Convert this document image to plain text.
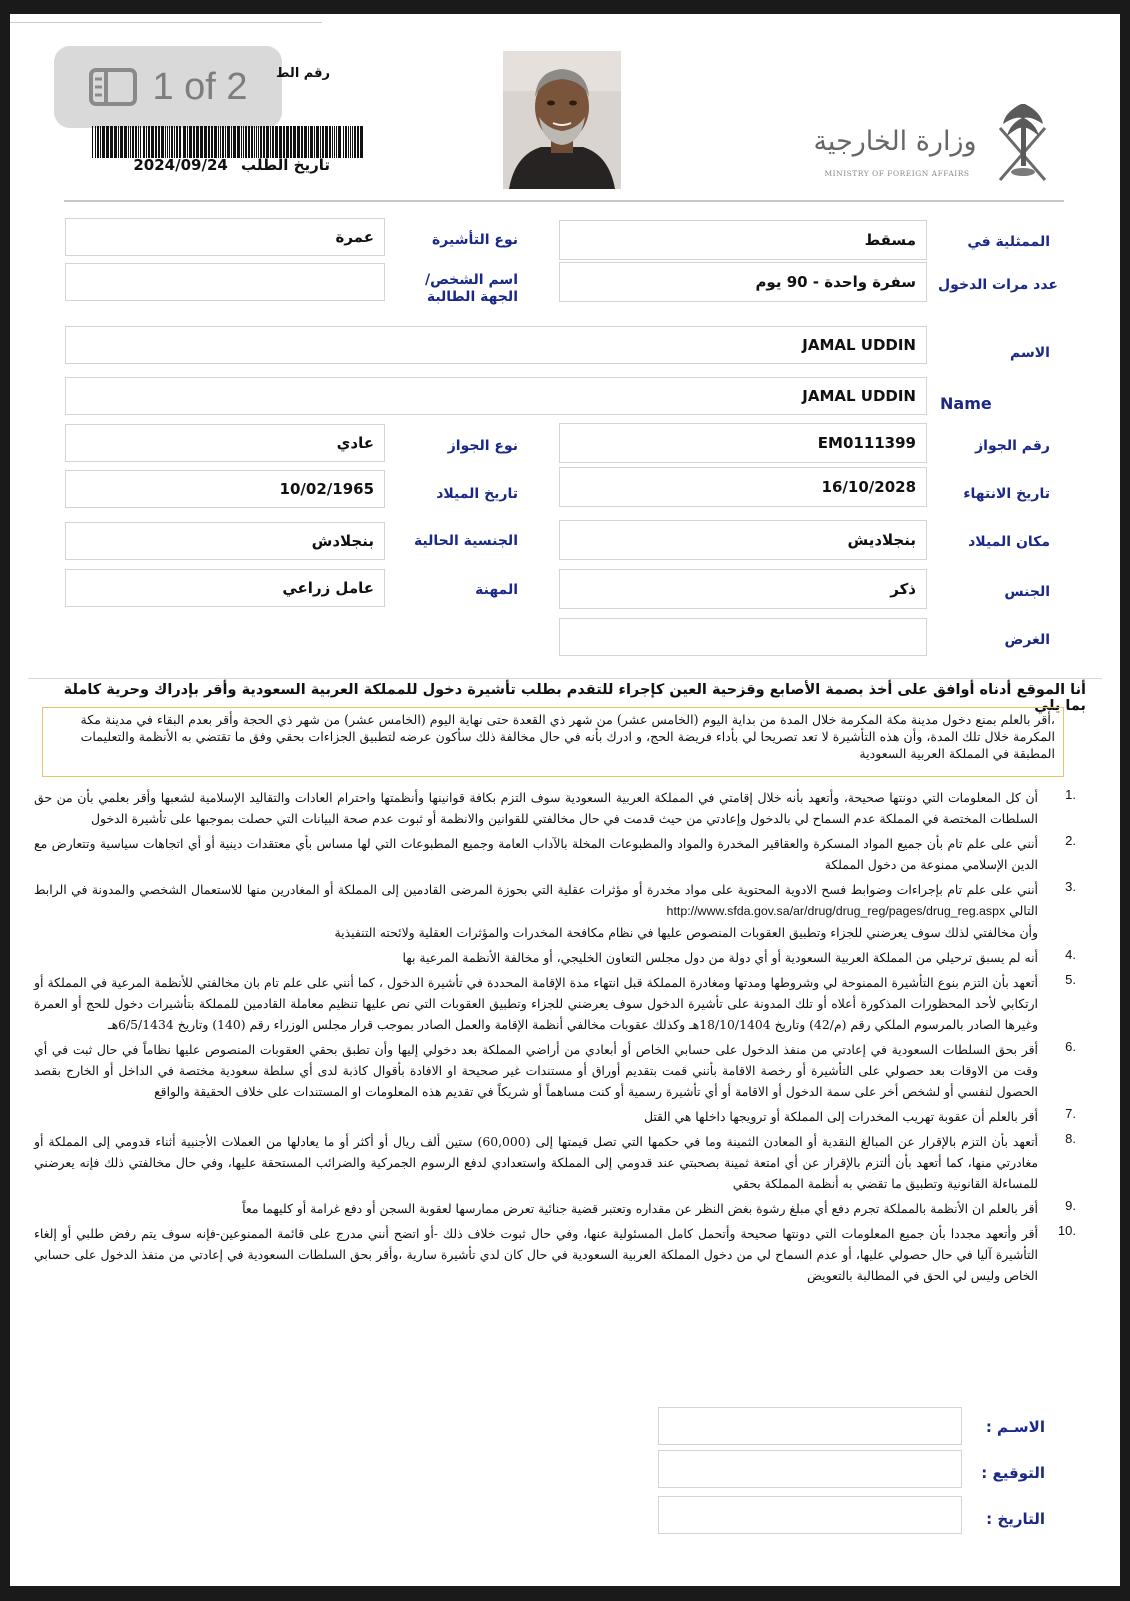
1 of 2	رقم الط
تاريخ الطلب 2024/09/24
وزارة الخارجية
MINISTRY OF FOREIGN AFFAIRS
الممثلية في
مسقط
نوع التأشيرة
عمرة
عدد مرات الدخول
سفرة واحدة - 90 يوم
اسم الشخص/الجهة الطالبة
الاسم
JAMAL UDDIN
Name
JAMAL UDDIN
رقم الجواز
EM0111399
نوع الجواز
عادي
تاريخ الانتهاء
16/10/2028
تاريخ الميلاد
10/02/1965
مكان الميلاد
بنجلاديش
الجنسية الحالية
بنجلادش
الجنس
ذكر
المهنة
عامل زراعي
الغرض
أنا الموقع أدناه أوافق على أخذ بصمة الأصابع وقزحية العين كإجراء للتقدم بطلب تأشيرة دخول للمملكة العربية السعودية وأقر بإدراك وحرية كاملة بما يلي
،أقر بالعلم بمنع دخول مدينة مكة المكرمة خلال المدة من بداية اليوم (الخامس عشر) من شهر ذي القعدة حتى نهاية اليوم (الخامس عشر) من شهر ذي الحجة وأقر بعدم البقاء في مدينة مكة المكرمة خلال تلك المدة، وأن هذه التأشيرة لا تعد تصريحا لي بأداء فريضة الحج، و ادرك بأنه في حال مخالفة ذلك سأكون عرضه لتطبيق الجزاءات بحقي وفق ما تقتضي به الأنظمة والتعليمات المطبقة في المملكة العربية السعودية
1.
أن كل المعلومات التي دونتها صحيحة، وأتعهد بأنه خلال إقامتي في المملكة العربية السعودية سوف التزم بكافة قوانينها وأنظمتها واحترام العادات والتقاليد الإسلامية لشعبها وأقر بعلمي بأن من حق السلطات المختصة في المملكة عدم السماح لي بالدخول وإعادتي من حيث قدمت في حال مخالفتي للقوانين والانظمة أو ثبوت عدم صحة البيانات التي حصلت بموجبها على تأشيرة الدخول
2.
أنني على علم تام بأن جميع المواد المسكرة والعقاقير المخدرة والمواد والمطبوعات المخلة بالآداب العامة وجميع المطبوعات التي لها مساس بأي معتقدات دينية أو أي اتجاهات سياسية وتتعارض مع الدين الإسلامي ممنوعة من دخول المملكة
3.
أنني على علم تام بإجراءات وضوابط فسح الادوية المحتوية على مواد مخدرة أو مؤثرات عقلية التي بحوزة المرضى القادمين إلى المملكة أو المغادرين منها للاستعمال الشخصي والمدونة في الرابط التالي http://www.sfda.gov.sa/ar/drug/drug_reg/pages/drug_reg.aspx
وأن مخالفتي لذلك سوف يعرضني للجزاء وتطبيق العقوبات المنصوص عليها في نظام مكافحة المخدرات والمؤثرات العقلية ولائحته التنفيذية
4.
أنه لم يسبق ترحيلي من المملكة العربية السعودية أو أي دولة من دول مجلس التعاون الخليجي، أو مخالفة الأنظمة المرعية بها
5.
أتعهد بأن التزم بنوع التأشيرة الممنوحة لي وشروطها ومدتها ومغادرة المملكة قبل انتهاء مدة الإقامة المحددة في تأشيرة الدخول ، كما أنني على علم تام بان مخالفتي للأنظمة المرعية في المملكة أو ارتكابي لأحد المحظورات المذكورة أعلاه أو تلك المدونة على تأشيرة الدخول سوف يعرضني للجزاء وتطبيق العقوبات التي نص عليها تنظيم معاملة القادمين للمملكة بتأشيرات دخول للحج أو العمرة وغيرها الصادر بالمرسوم الملكي رقم (م/42) وتاريخ 18/10/1404هـ وكذلك عقوبات مخالفي أنظمة الإقامة والعمل الصادر بموجب قرار مجلس الوزراء رقم (140) وتاريخ 6/5/1434هـ
6.
أقر بحق السلطات السعودية في إعادتي من منفذ الدخول على حسابي الخاص أو أبعادي من أراضي المملكة بعد دخولي إليها وأن تطبق بحقي العقوبات المنصوص عليها نظاماً في حال ثبت في أي وقت من الاوقات بعد حصولي على التأشيرة أو رخصة الاقامة بأنني قمت بتقديم أوراق أو مستندات غير صحيحة او الافادة بأقوال كاذبة لدى أي سلطة سعودية مختصة في الداخل أو الخارج بقصد الحصول لنفسي أو لشخص أخر على سمة الدخول أو الاقامة أو أي تأشيرة رسمية أو كنت مساهماً أو شريكاً في تقديم هذه المعلومات او المستندات على خلاف الحقيقة والواقع
7.
أقر بالعلم أن عقوبة تهريب المخدرات إلى المملكة أو ترويجها داخلها هي القتل
8.
أتعهد بأن التزم بالإقرار عن المبالغ النقدية أو المعادن الثمينة وما في حكمها التي تصل قيمتها إلى (60,000) ستين ألف ريال أو أكثر أو ما يعادلها من العملات الأجنبية أثناء قدومي إلى المملكة أو مغادرتي منها، كما أتعهد بأن ألتزم بالإقرار عن أي امتعة ثمينة بصحبتي عند قدومي إلى المملكة واستعدادي لدفع الرسوم الجمركية والضرائب المستحقة عليها، وفي حال مخالفتي ذلك فإنه يعرضني للمساءلة القانونية وتطبيق ما تقضي به أنظمة المملكة بحقي
9.
أقر بالعلم ان الأنظمة بالمملكة تجرم دفع أي مبلغ رشوة بغض النظر عن مقداره وتعتبر قضية جنائية تعرض ممارسها لعقوبة السجن أو دفع غرامة أو كليهما معاً
10.
أقر وأتعهد مجددا بأن جميع المعلومات التي دونتها صحيحة وأتحمل كامل المسئولية عنها، وفي حال ثبوت خلاف ذلك -أو اتضح أنني مدرج على قائمة الممنوعين-فإنه سوف يتم رفض طلبي أو إلغاء التأشيرة آليا في حال حصولي عليها، أو عدم السماح لي من دخول المملكة العربية السعودية في حال كان لدي تأشيرة سارية ،وأقر بحق السلطات السعودية في إعادتي من منفذ الدخول على حسابي الخاص وليس لي الحق في المطالبة بالتعويض
الاسـم :
التوقيع :
التاريخ :
